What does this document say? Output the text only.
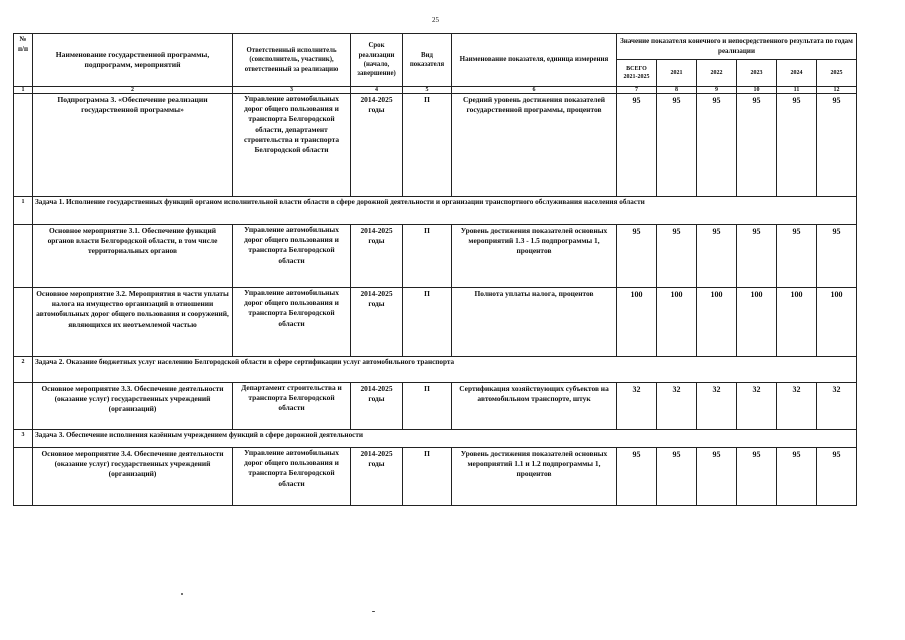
25
№ п/п	Наименование государственной программы, подпрограмм, мероприятий	Ответственный исполнитель (соисполнитель, участник), ответственный за реализацию	Срок реализации (начало, завершение)	Вид показателя	Наименование показателя, единица измерения	Значение показателя конечного и непосредственного результата по годам реализации					
						ВСЕГО 2021-2025	2021	2022	2023	2024	2025
1	2	3	4	5	6	7	8	9	10	11	12
	Подпрограмма 3. «Обеспечение реализации государственной программы»	Управление автомобильных дорог общего пользования и транспорта Белгородской области, департамент строительства и транспорта Белгородской области	2014-2025 годы	П	Средний уровень достижения показателей государственной программы, процентов	95	95	95	95	95	95
1	Задача 1. Исполнение государственных функций органом исполнительной власти области в сфере дорожной деятельности и организации транспортного обслуживания населения области										
	Основное мероприятие 3.1. Обеспечение функций органов власти Белгородской области, в том числе территориальных органов	Управление автомобильных дорог общего пользования и транспорта Белгородской области	2014-2025 годы	П	Уровень достижения показателей основных мероприятий 1.3 - 1.5 подпрограммы 1, процентов	95	95	95	95	95	95
	Основное мероприятие 3.2. Мероприятия в части уплаты налога на имущество организаций в отношении автомобильных дорог общего пользования и сооружений, являющихся их неотъемлемой частью	Управление автомобильных дорог общего пользования и транспорта Белгородской области	2014-2025 годы	П	Полнота уплаты налога, процентов	100	100	100	100	100	100
2	Задача 2. Оказание бюджетных услуг населению Белгородской области в сфере сертификации услуг автомобильного транспорта										
	Основное мероприятие 3.3. Обеспечение деятельности (оказание услуг) государственных учреждений (организаций)	Департамент строительства и транспорта Белгородской области	2014-2025 годы	П	Сертификация хозяйствующих субъектов на автомобильном транспорте, штук	32	32	32	32	32	32
3	Задача 3. Обеспечение исполнения казённым учреждением функций в сфере дорожной деятельности										
	Основное мероприятие 3.4. Обеспечение деятельности (оказание услуг) государственных учреждений (организаций)	Управление автомобильных дорог общего пользования и транспорта Белгородской области	2014-2025 годы	П	Уровень достижения показателей основных мероприятий 1.1 и 1.2 подпрограммы 1, процентов	95	95	95	95	95	95
